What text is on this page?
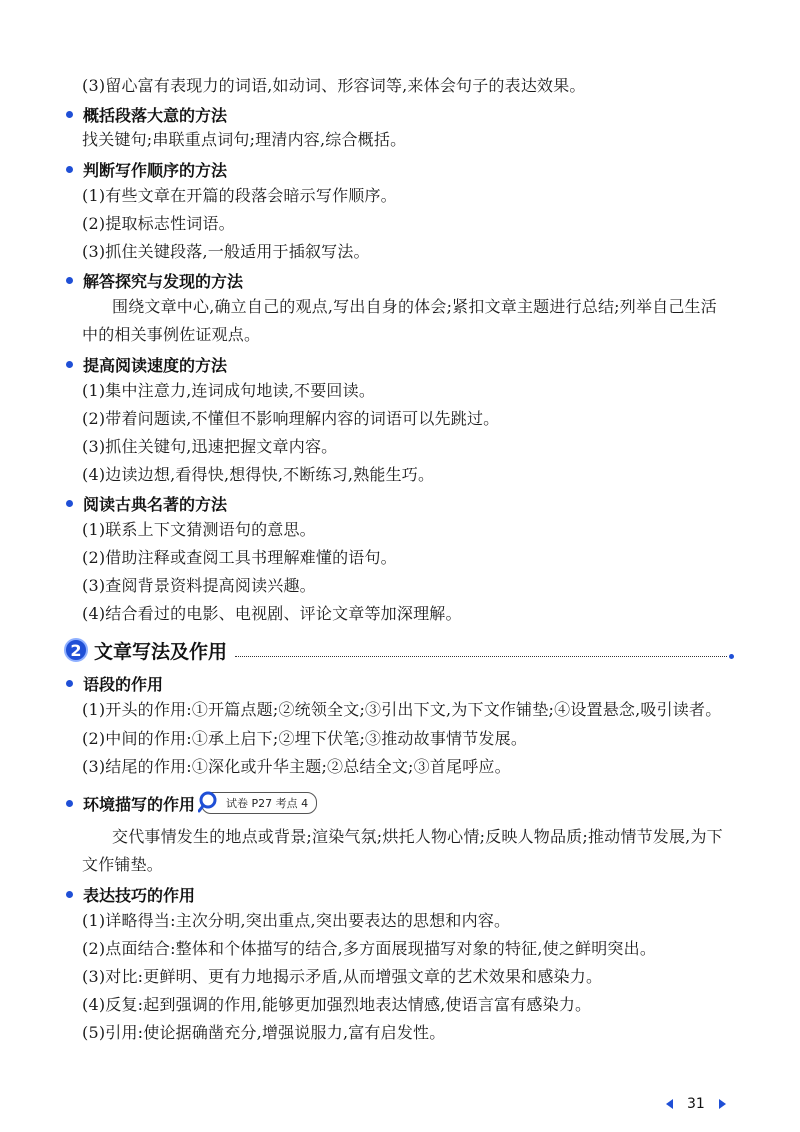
(3)留心富有表现力的词语,如动词、形容词等,来体会句子的表达效果。
概括段落大意的方法
找关键句;串联重点词句;理清内容,综合概括。
判断写作顺序的方法
(1)有些文章在开篇的段落会暗示写作顺序。
(2)提取标志性词语。
(3)抓住关键段落,一般适用于插叙写法。
解答探究与发现的方法
围绕文章中心,确立自己的观点,写出自身的体会;紧扣文章主题进行总结;列举自己生活
中的相关事例佐证观点。
提高阅读速度的方法
(1)集中注意力,连词成句地读,不要回读。
(2)带着问题读,不懂但不影响理解内容的词语可以先跳过。
(3)抓住关键句,迅速把握文章内容。
(4)边读边想,看得快,想得快,不断练习,熟能生巧。
阅读古典名著的方法
(1)联系上下文猜测语句的意思。
(2)借助注释或查阅工具书理解难懂的语句。
(3)查阅背景资料提高阅读兴趣。
(4)结合看过的电影、电视剧、评论文章等加深理解。
2 文章写法及作用
语段的作用
(1)开头的作用:①开篇点题;②统领全文;③引出下文,为下文作铺垫;④设置悬念,吸引读者。
(2)中间的作用:①承上启下;②埋下伏笔;③推动故事情节发展。
(3)结尾的作用:①深化或升华主题;②总结全文;③首尾呼应。
环境描写的作用	试卷 P27 考点 4
交代事情发生的地点或背景;渲染气氛;烘托人物心情;反映人物品质;推动情节发展,为下
文作铺垫。
表达技巧的作用
(1)详略得当:主次分明,突出重点,突出要表达的思想和内容。
(2)点面结合:整体和个体描写的结合,多方面展现描写对象的特征,使之鲜明突出。
(3)对比:更鲜明、更有力地揭示矛盾,从而增强文章的艺术效果和感染力。
(4)反复:起到强调的作用,能够更加强烈地表达情感,使语言富有感染力。
(5)引用:使论据确凿充分,增强说服力,富有启发性。
31
